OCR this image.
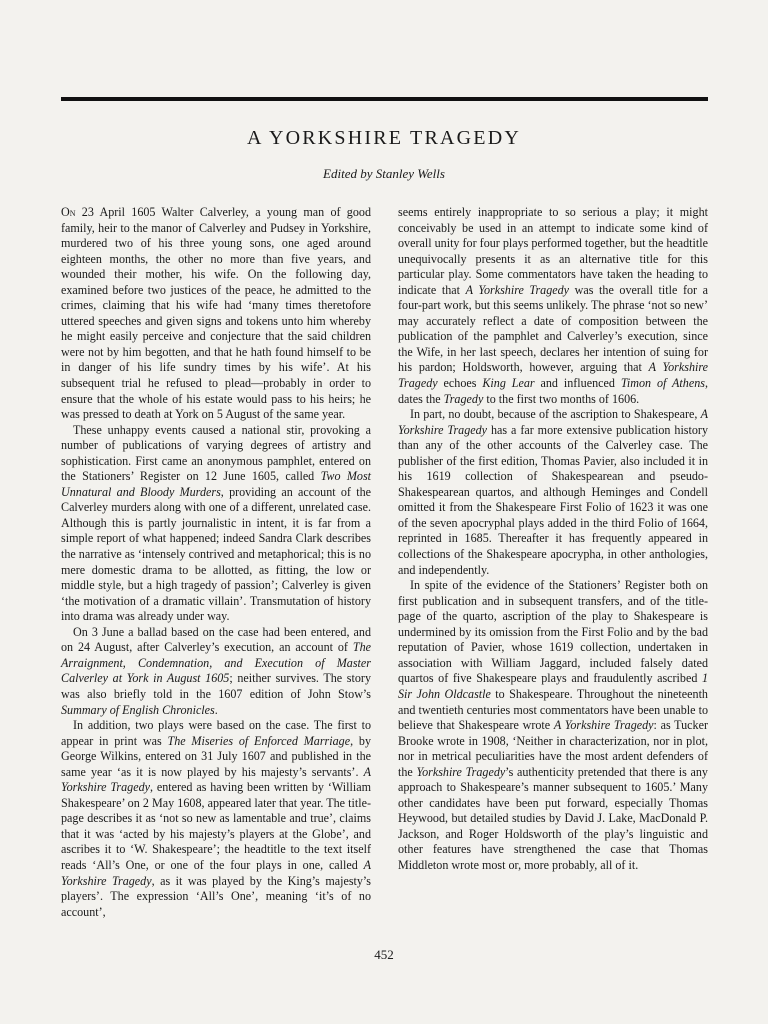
A YORKSHIRE TRAGEDY
Edited by Stanley Wells

On 23 April 1605 Walter Calverley, a young man of good family, heir to the manor of Calverley and Pudsey in Yorkshire, murdered two of his three young sons, one aged around eighteen months, the other no more than five years, and wounded their mother, his wife. On the following day, examined before two justices of the peace, he admitted to the crimes, claiming that his wife had ‘many times theretofore uttered speeches and given signs and tokens unto him whereby he might easily perceive and conjecture that the said children were not by him begotten, and that he hath found himself to be in danger of his life sundry times by his wife’. At his subsequent trial he refused to plead—probably in order to ensure that the whole of his estate would pass to his heirs; he was pressed to death at York on 5 August of the same year.

These unhappy events caused a national stir, provoking a number of publications of varying degrees of artistry and sophistication. First came an anonymous pamphlet, entered on the Stationers’ Register on 12 June 1605, called Two Most Unnatural and Bloody Murders, providing an account of the Calverley murders along with one of a different, unrelated case. Although this is partly journalistic in intent, it is far from a simple report of what happened; indeed Sandra Clark describes the narrative as ‘intensely contrived and metaphorical; this is no mere domestic drama to be allotted, as fitting, the low or middle style, but a high tragedy of passion’; Calverley is given ‘the motivation of a dramatic villain’. Transmutation of history into drama was already under way.

On 3 June a ballad based on the case had been entered, and on 24 August, after Calverley’s execution, an account of The Arraignment, Condemnation, and Execution of Master Calverley at York in August 1605; neither survives. The story was also briefly told in the 1607 edition of John Stow’s Summary of English Chronicles.

In addition, two plays were based on the case. The first to appear in print was The Miseries of Enforced Marriage, by George Wilkins, entered on 31 July 1607 and published in the same year ‘as it is now played by his majesty’s servants’. A Yorkshire Tragedy, entered as having been written by ‘William Shakespeare’ on 2 May 1608, appeared later that year. The title-page describes it as ‘not so new as lamentable and true’, claims that it was ‘acted by his majesty’s players at the Globe’, and ascribes it to ‘W. Shakespeare’; the headtitle to the text itself reads ‘All’s One, or one of the four plays in one, called A Yorkshire Tragedy, as it was played by the King’s majesty’s players’. The expression ‘All’s One’, meaning ‘it’s of no account’,

seems entirely inappropriate to so serious a play; it might conceivably be used in an attempt to indicate some kind of overall unity for four plays performed together, but the headtitle unequivocally presents it as an alternative title for this particular play. Some commentators have taken the heading to indicate that A Yorkshire Tragedy was the overall title for a four-part work, but this seems unlikely. The phrase ‘not so new’ may accurately reflect a date of composition between the publication of the pamphlet and Calverley’s execution, since the Wife, in her last speech, declares her intention of suing for his pardon; Holdsworth, however, arguing that A Yorkshire Tragedy echoes King Lear and influenced Timon of Athens, dates the Tragedy to the first two months of 1606.

In part, no doubt, because of the ascription to Shakespeare, A Yorkshire Tragedy has a far more extensive publication history than any of the other accounts of the Calverley case. The publisher of the first edition, Thomas Pavier, also included it in his 1619 collection of Shakespearean and pseudo-Shakespearean quartos, and although Heminges and Condell omitted it from the Shakespeare First Folio of 1623 it was one of the seven apocryphal plays added in the third Folio of 1664, reprinted in 1685. Thereafter it has frequently appeared in collections of the Shakespeare apocrypha, in other anthologies, and independently.

In spite of the evidence of the Stationers’ Register both on first publication and in subsequent transfers, and of the title-page of the quarto, ascription of the play to Shakespeare is undermined by its omission from the First Folio and by the bad reputation of Pavier, whose 1619 collection, undertaken in association with William Jaggard, included falsely dated quartos of five Shakespeare plays and fraudulently ascribed 1 Sir John Oldcastle to Shakespeare. Throughout the nineteenth and twentieth centuries most commentators have been unable to believe that Shakespeare wrote A Yorkshire Tragedy: as Tucker Brooke wrote in 1908, ‘Neither in characterization, nor in plot, nor in metrical peculiarities have the most ardent defenders of the Yorkshire Tragedy’s authenticity pretended that there is any approach to Shakespeare’s manner subsequent to 1605.’ Many other candidates have been put forward, especially Thomas Heywood, but detailed studies by David J. Lake, MacDonald P. Jackson, and Roger Holdsworth of the play’s linguistic and other features have strengthened the case that Thomas Middleton wrote most or, more probably, all of it.

452
